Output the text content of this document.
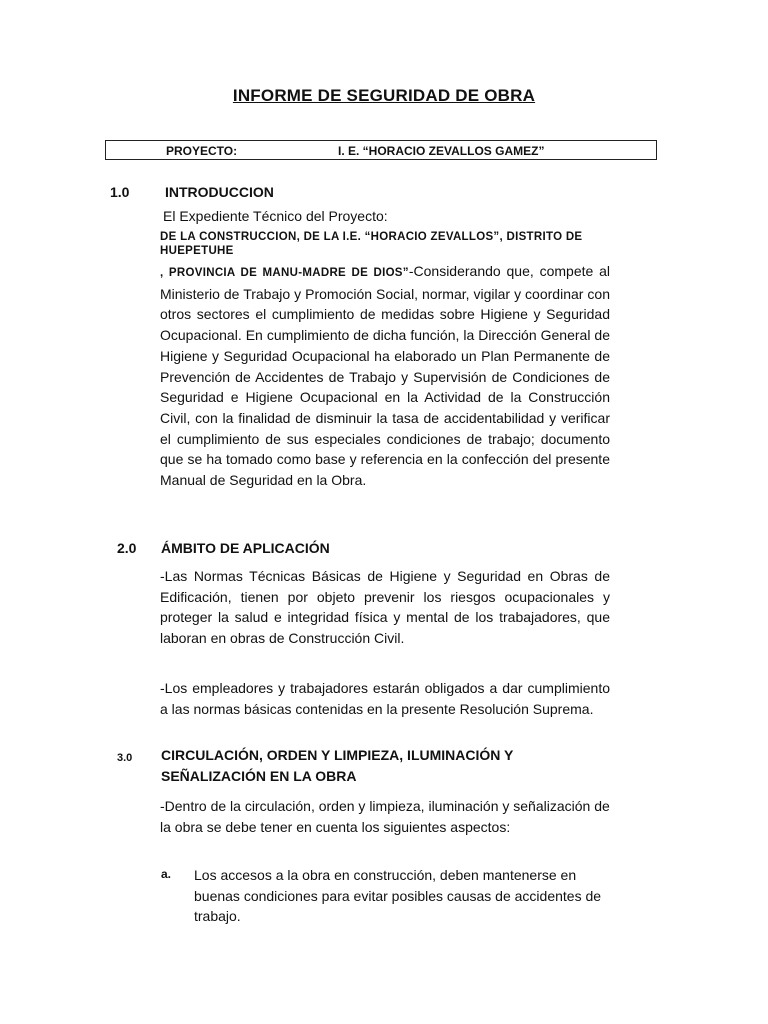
INFORME DE SEGURIDAD DE OBRA
PROYECTO:	I. E. “HORACIO ZEVALLOS GAMEZ”
1.0	INTRODUCCION
El Expediente Técnico del Proyecto:
DE LA CONSTRUCCION, DE LA I.E. “HORACIO ZEVALLOS”, DISTRITO DE HUEPETUHE
, PROVINCIA DE MANU-MADRE DE DIOS”-Considerando que, compete al Ministerio de Trabajo y Promoción Social, normar, vigilar y coordinar con otros sectores el cumplimiento de medidas sobre Higiene y Seguridad Ocupacional. En cumplimiento de dicha función, la Dirección General de Higiene y Seguridad Ocupacional ha elaborado un Plan Permanente de Prevención de Accidentes de Trabajo y Supervisión de Condiciones de Seguridad e Higiene Ocupacional en la Actividad de la Construcción Civil, con la finalidad de disminuir la tasa de accidentabilidad y verificar el cumplimiento de sus especiales condiciones de trabajo; documento que se ha tomado como base y referencia en la confección del presente Manual de Seguridad en la Obra.
2.0 ÁMBITO DE APLICACIÓN
-Las Normas Técnicas Básicas de Higiene y Seguridad en Obras de Edificación, tienen por objeto prevenir los riesgos ocupacionales y proteger la salud e integridad física y mental de los trabajadores, que laboran en obras de Construcción Civil.
-Los empleadores y trabajadores estarán obligados a dar cumplimiento a las normas básicas contenidas en la presente Resolución Suprema.
3.0 CIRCULACIÓN, ORDEN Y LIMPIEZA, ILUMINACIÓN Y
SEÑALIZACIÓN EN LA OBRA
-Dentro de la circulación, orden y limpieza, iluminación y señalización de la obra se debe tener en cuenta los siguientes aspectos:
a. Los accesos a la obra en construcción, deben mantenerse en buenas condiciones para evitar posibles causas de accidentes de trabajo.
